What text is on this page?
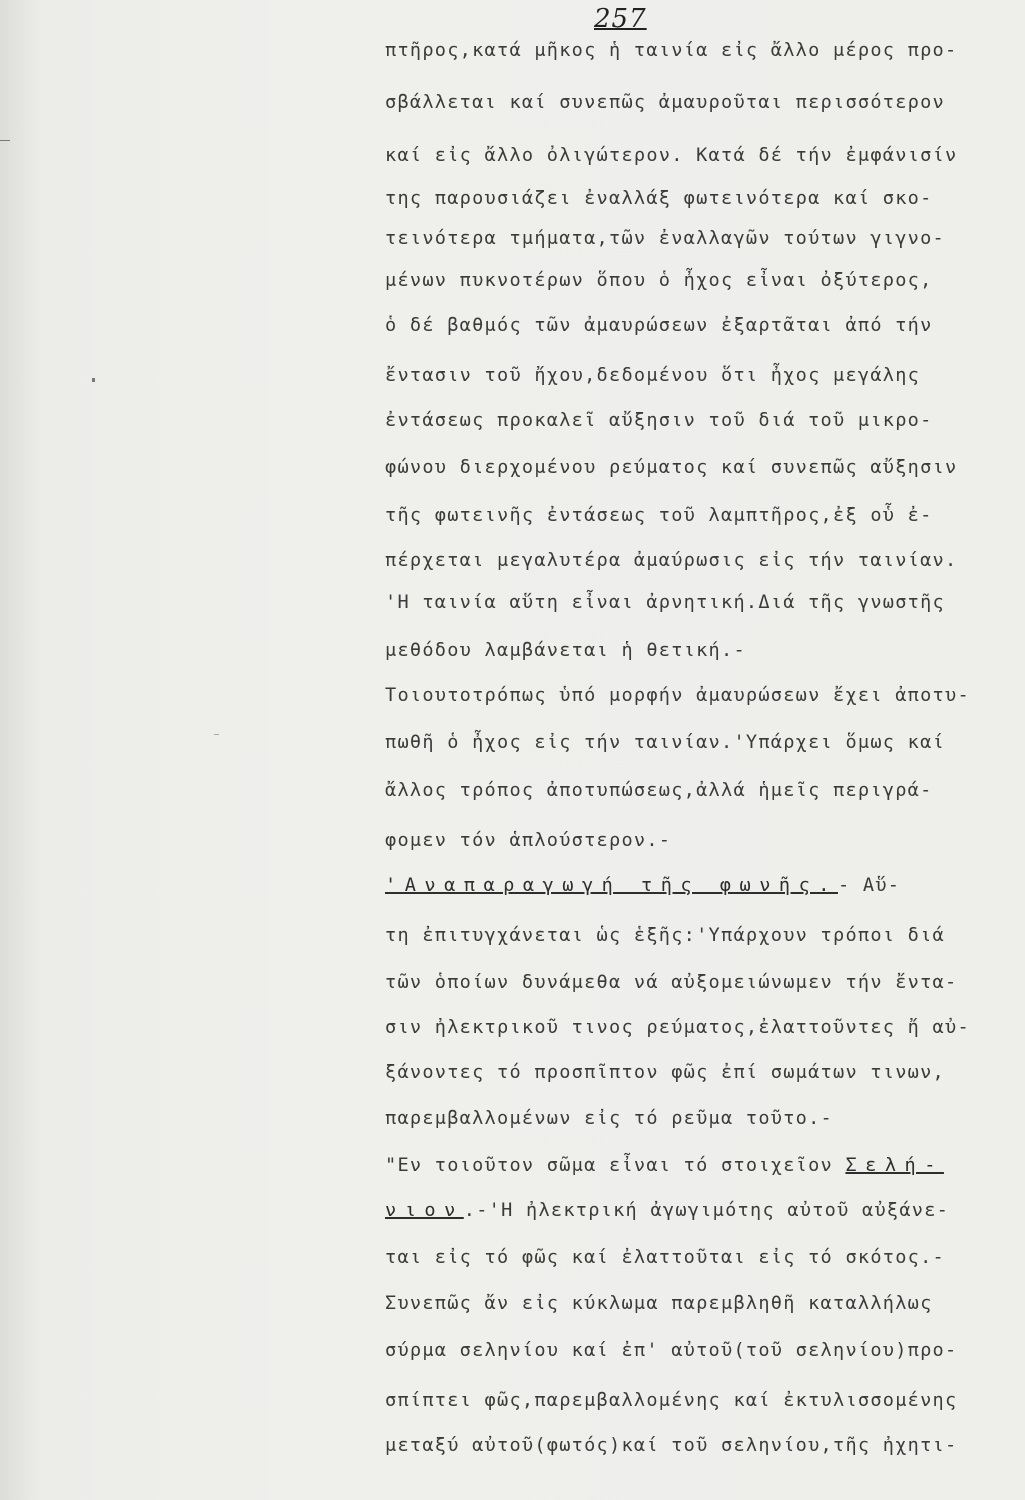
257
πτῆρος,κατά μῆκος ἡ ταινία εἰς ἄλλο μέρος προ-
σβάλλεται καί συνεπῶς ἀμαυροῦται περισσότερον
καί εἰς ἄλλο ὀλιγώτερον. Κατά δέ τήν ἐμφάνισίν
της παρουσιάζει ἐναλλάξ φωτεινότερα καί σκο-
τεινότερα τμήματα,τῶν ἐναλλαγῶν τούτων γιγνο-
μένων πυκνοτέρων ὅπου ὁ ἦχος εἶναι ὀξύτερος,
ὁ δέ βαθμός τῶν ἀμαυρώσεων ἐξαρτᾶται ἀπό τήν
ἔντασιν τοῦ ἤχου,δεδομένου ὅτι ἦχος μεγάλης
ἐντάσεως προκαλεῖ αὔξησιν τοῦ διά τοῦ μικρο-
φώνου διερχομένου ρεύματος καί συνεπῶς αὔξησιν
τῆς φωτεινῆς ἐντάσεως τοῦ λαμπτῆρος,ἐξ οὗ ἐ-
πέρχεται μεγαλυτέρα ἀμαύρωσις εἰς τήν ταινίαν.
'Η ταινία αὕτη εἶναι ἀρνητική.Διά τῆς γνωστῆς
μεθόδου λαμβάνεται ἡ θετική.-
Τοιουτοτρόπως ὑπό μορφήν ἀμαυρώσεων ἔχει ἀποτυ-
πωθῆ ὁ ἦχος εἰς τήν ταινίαν.'Υπάρχει ὅμως καί
ἄλλος τρόπος ἀποτυπώσεως,ἀλλά ἡμεῖς περιγρά-
φομεν τόν ἁπλούστερον.-
'Αναπαραγωγή τῆς φωνῆς.- Αὕ-
τη ἐπιτυγχάνεται ὡς ἑξῆς:'Υπάρχουν τρόποι διά
τῶν ὁποίων δυνάμεθα νά αὐξομειώνωμεν τήν ἔντα-
σιν ἠλεκτρικοῦ τινος ρεύματος,ἐλαττοῦντες ἤ αὐ-
ξάνοντες τό προσπῖπτον φῶς ἐπί σωμάτων τινων,
παρεμβαλλομένων εἰς τό ρεῦμα τοῦτο.-
"Εν τοιοῦτον σῶμα εἶναι τό στοιχεῖον Σελή-
νιον.-'Η ἠλεκτρική ἀγωγιμότης αὐτοῦ αὐξάνε-
ται εἰς τό φῶς καί ἐλαττοῦται εἰς τό σκότος.-
Συνεπῶς ἄν εἰς κύκλωμα παρεμβληθῆ καταλλήλως
σύρμα σεληνίου καί ἐπ' αὐτοῦ(τοῦ σεληνίου)προ-
σπίπτει φῶς,παρεμβαλλομένης καί ἐκτυλισσομένης
μεταξύ αὐτοῦ(φωτός)καί τοῦ σεληνίου,τῆς ἠχητι-
